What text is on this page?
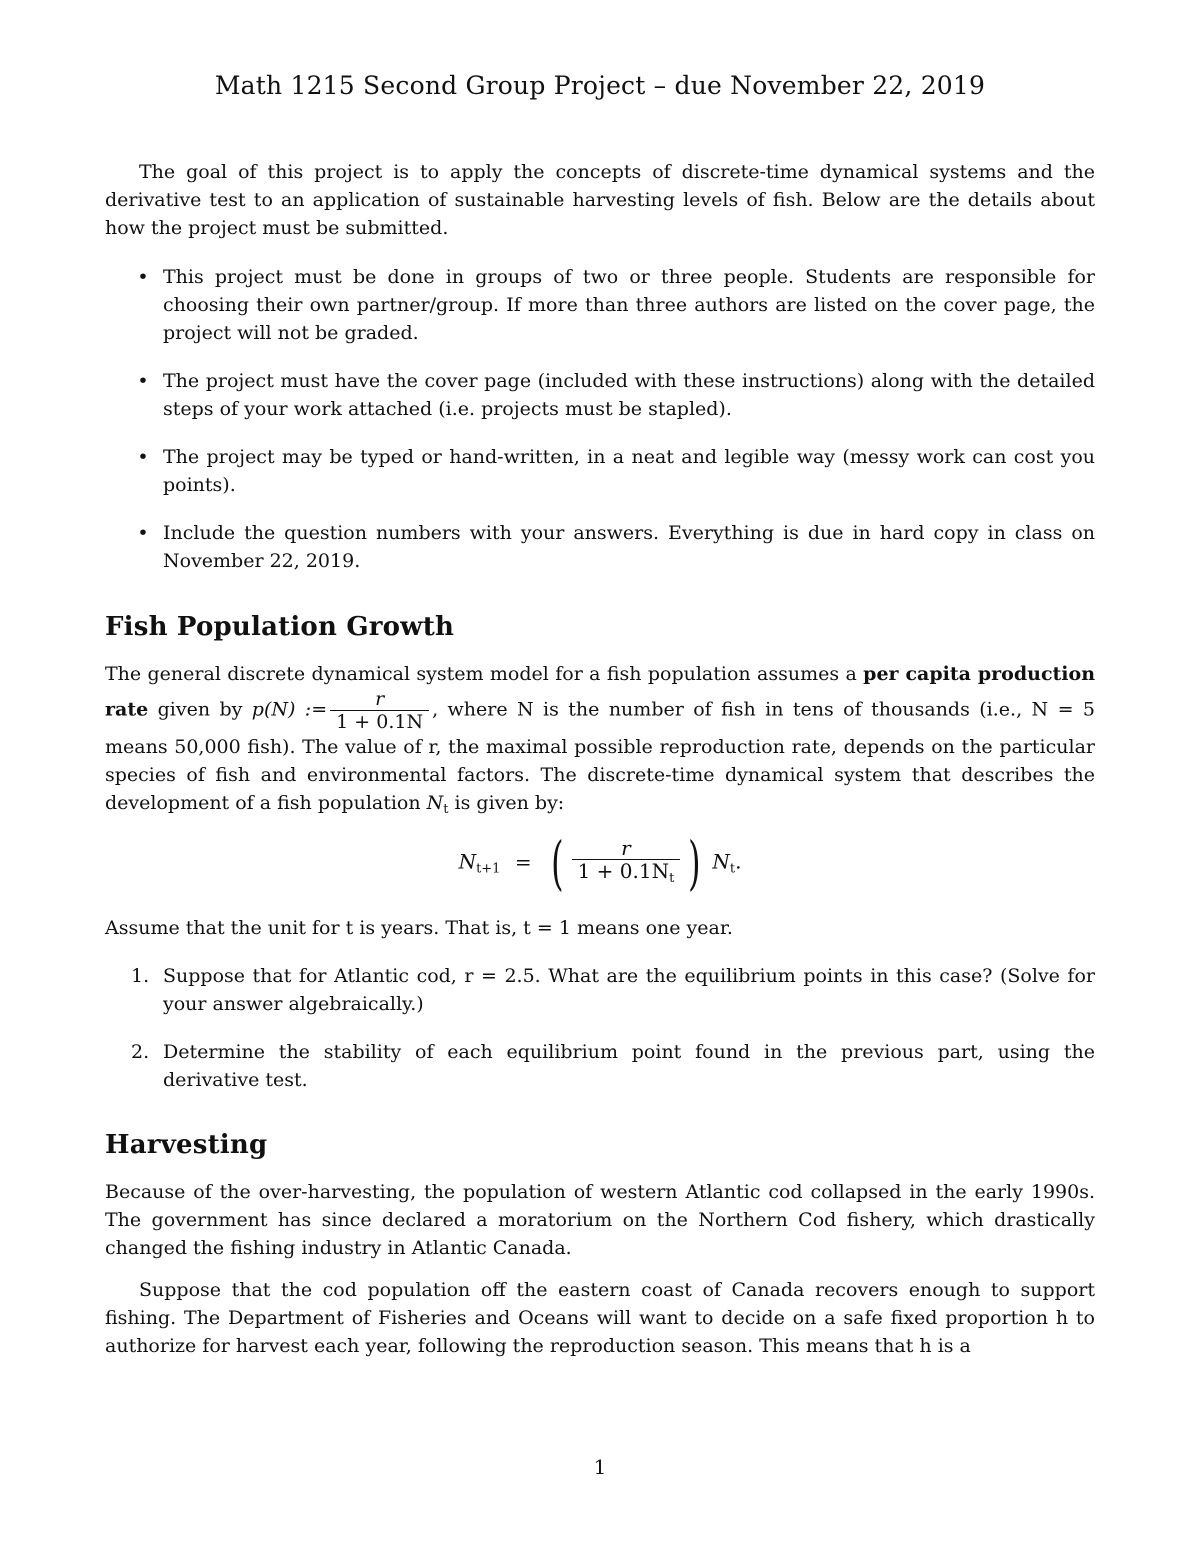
Math 1215 Second Group Project – due November 22, 2019

The goal of this project is to apply the concepts of discrete-time dynamical systems and the derivative test to an application of sustainable harvesting levels of fish. Below are the details about how the project must be submitted.

• This project must be done in groups of two or three people. Students are responsible for choosing their own partner/group. If more than three authors are listed on the cover page, the project will not be graded.
• The project must have the cover page (included with these instructions) along with the detailed steps of your work attached (i.e. projects must be stapled).
• The project may be typed or hand-written, in a neat and legible way (messy work can cost you points).
• Include the question numbers with your answers. Everything is due in hard copy in class on November 22, 2019.
Fish Population Growth

The general discrete dynamical system model for a fish population assumes a per capita production rate given by p(N) := $\frac{r}{1 + 0.1N}$ , where N is the number of fish in tens of thousands (i.e., N = 5 means 50,000 fish). The value of r, the maximal possible reproduction rate, depends on the particular species of fish and environmental factors. The discrete-time dynamical system that describes the development of a fish population $N_t$ is given by:

$N_{t+1}$ = ( $\frac{r}{1 + 0.1N_t}$ ) $N_t$.

Assume that the unit for t is years. That is, t = 1 means one year.

1. Suppose that for Atlantic cod, r = 2.5. What are the equilibrium points in this case? (Solve for your answer algebraically.)
2. Determine the stability of each equilibrium point found in the previous part, using the derivative test.
Harvesting

Because of the over-harvesting, the population of western Atlantic cod collapsed in the early 1990s. The government has since declared a moratorium on the Northern Cod fishery, which drastically changed the fishing industry in Atlantic Canada.

Suppose that the cod population off the eastern coast of Canada recovers enough to support fishing. The Department of Fisheries and Oceans will want to decide on a safe fixed proportion h to authorize for harvest each year, following the reproduction season. This means that h is a

1
